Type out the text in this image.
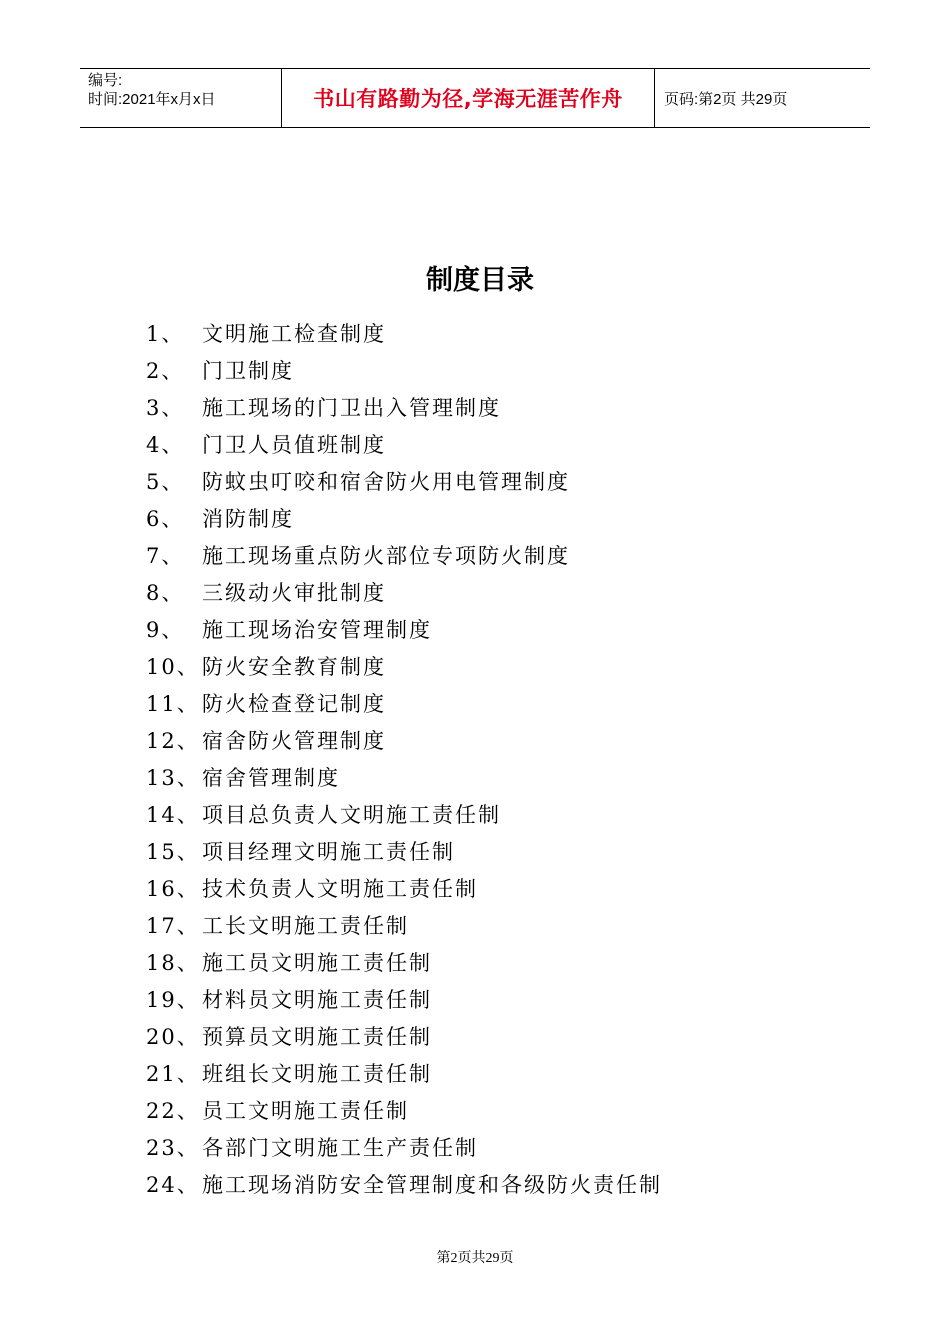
编号:
时间:2021年x月x日	书山有路勤为径,学海无涯苦作舟	页码:第2页 共29页
制度目录
1、 文明施工检查制度
2、 门卫制度
3、 施工现场的门卫出入管理制度
4、 门卫人员值班制度
5、 防蚊虫叮咬和宿舍防火用电管理制度
6、 消防制度
7、 施工现场重点防火部位专项防火制度
8、 三级动火审批制度
9、 施工现场治安管理制度
10、 防火安全教育制度
11、 防火检查登记制度
12、 宿舍防火管理制度
13、 宿舍管理制度
14、 项目总负责人文明施工责任制
15、 项目经理文明施工责任制
16、 技术负责人文明施工责任制
17、 工长文明施工责任制
18、 施工员文明施工责任制
19、 材料员文明施工责任制
20、 预算员文明施工责任制
21、 班组长文明施工责任制
22、 员工文明施工责任制
23、 各部门文明施工生产责任制
24、 施工现场消防安全管理制度和各级防火责任制
第2页共29页
